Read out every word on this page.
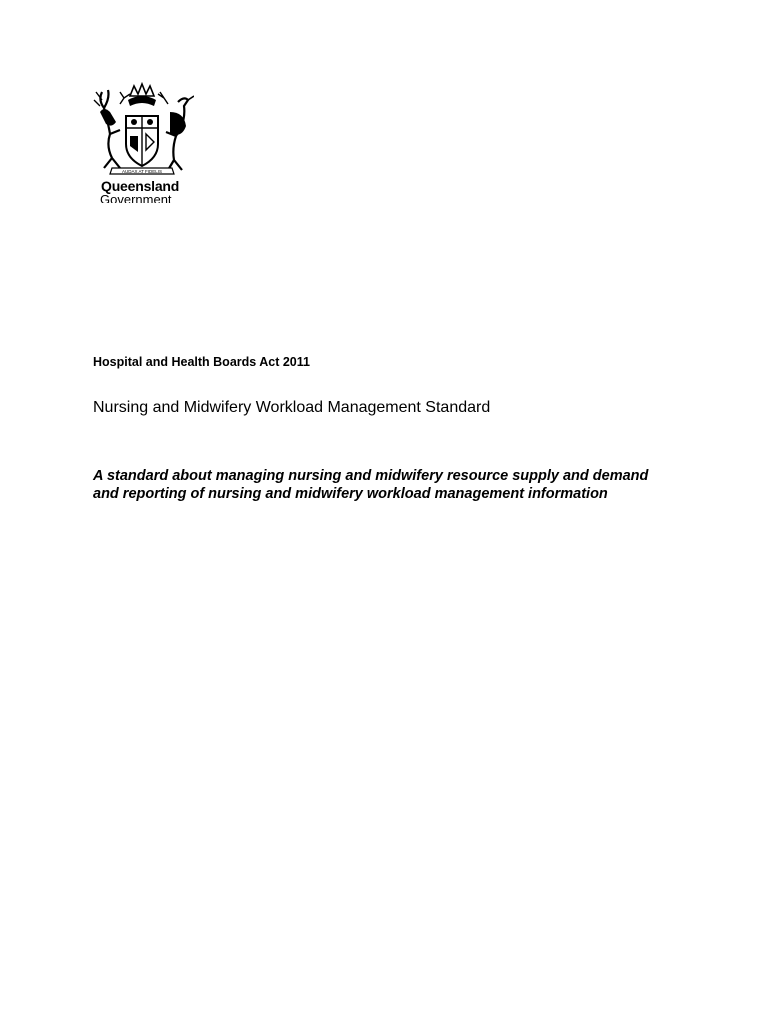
AUDAX AT FIDELIS
Queensland
Government
Hospital and Health Boards Act 2011
Nursing and Midwifery Workload Management Standard
A standard about managing nursing and midwifery resource supply and demand and reporting of nursing and midwifery workload management information
